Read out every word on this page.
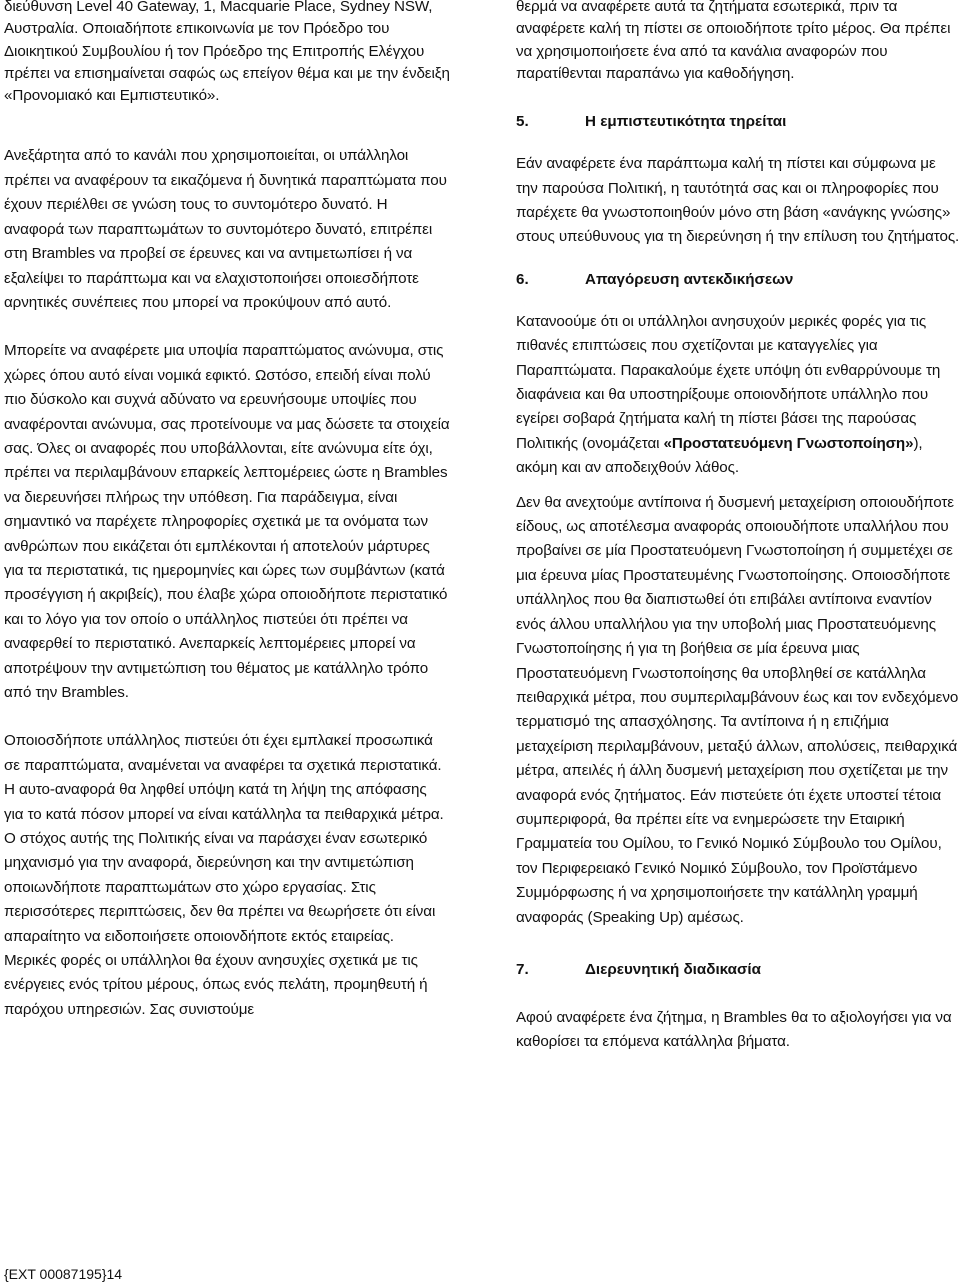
διεύθυνση Level 40 Gateway, 1, Macquarie Place, Sydney NSW, Αυστραλία. Οποιαδήποτε επικοινωνία με τον Πρόεδρο του Διοικητικού Συμβουλίου ή τον Πρόεδρο της Επιτροπής Ελέγχου πρέπει να επισημαίνεται σαφώς ως επείγον θέμα και με την ένδειξη «Προνομιακό και Εμπιστευτικό».

Ανεξάρτητα από το κανάλι που χρησιμοποιείται, οι υπάλληλοι πρέπει να αναφέρουν τα εικαζόμενα ή δυνητικά παραπτώματα που έχουν περιέλθει σε γνώση τους το συντομότερο δυνατό. Η αναφορά των παραπτωμάτων το συντομότερο δυνατό, επιτρέπει στη Brambles να προβεί σε έρευνες και να αντιμετωπίσει ή να εξαλείψει το παράπτωμα και να ελαχιστοποιήσει οποιεσδήποτε αρνητικές συνέπειες που μπορεί να προκύψουν από αυτό.

Μπορείτε να αναφέρετε μια υποψία παραπτώματος ανώνυμα, στις χώρες όπου αυτό είναι νομικά εφικτό. Ωστόσο, επειδή είναι πολύ πιο δύσκολο και συχνά αδύνατο να ερευνήσουμε υποψίες που αναφέρονται ανώνυμα, σας προτείνουμε να μας δώσετε τα στοιχεία σας. Όλες οι αναφορές που υποβάλλονται, είτε ανώνυμα είτε όχι, πρέπει να περιλαμβάνουν επαρκείς λεπτομέρειες ώστε η Brambles να διερευνήσει πλήρως την υπόθεση. Για παράδειγμα, είναι σημαντικό να παρέχετε πληροφορίες σχετικά με τα ονόματα των ανθρώπων που εικάζεται ότι εμπλέκονται ή αποτελούν μάρτυρες για τα περιστατικά, τις ημερομηνίες και ώρες των συμβάντων (κατά προσέγγιση ή ακριβείς), που έλαβε χώρα οποιοδήποτε περιστατικό και το λόγο για τον οποίο ο υπάλληλος πιστεύει ότι πρέπει να αναφερθεί το περιστατικό. Ανεπαρκείς λεπτομέρειες μπορεί να αποτρέψουν την αντιμετώπιση του θέματος με κατάλληλο τρόπο από την Brambles.

Οποιοσδήποτε υπάλληλος πιστεύει ότι έχει εμπλακεί προσωπικά σε παραπτώματα, αναμένεται να αναφέρει τα σχετικά περιστατικά. Η αυτο-αναφορά θα ληφθεί υπόψη κατά τη λήψη της απόφασης για το κατά πόσον μπορεί να είναι κατάλληλα τα πειθαρχικά μέτρα.

Ο στόχος αυτής της Πολιτικής είναι να παράσχει έναν εσωτερικό μηχανισμό για την αναφορά, διερεύνηση και την αντιμετώπιση οποιωνδήποτε παραπτωμάτων στο χώρο εργασίας. Στις περισσότερες περιπτώσεις, δεν θα πρέπει να θεωρήσετε ότι είναι απαραίτητο να ειδοποιήσετε οποιονδήποτε εκτός εταιρείας. Μερικές φορές οι υπάλληλοι θα έχουν ανησυχίες σχετικά με τις ενέργειες ενός τρίτου μέρους, όπως ενός πελάτη, προμηθευτή ή παρόχου υπηρεσιών. Σας συνιστούμε

θερμά να αναφέρετε αυτά τα ζητήματα εσωτερικά, πριν τα αναφέρετε καλή τη πίστει σε οποιοδήποτε τρίτο μέρος. Θα πρέπει να χρησιμοποιήσετε ένα από τα κανάλια αναφορών που παρατίθενται παραπάνω για καθοδήγηση.

5.	Η εμπιστευτικότητα τηρείται

Εάν αναφέρετε ένα παράπτωμα καλή τη πίστει και σύμφωνα με την παρούσα Πολιτική, η ταυτότητά σας και οι πληροφορίες που παρέχετε θα γνωστοποιηθούν μόνο στη βάση «ανάγκης γνώσης» στους υπεύθυνους για τη διερεύνηση ή την επίλυση του ζητήματος.

6.	Απαγόρευση αντεκδικήσεων

Κατανοούμε ότι οι υπάλληλοι ανησυχούν μερικές φορές για τις πιθανές επιπτώσεις που σχετίζονται με καταγγελίες για Παραπτώματα. Παρακαλούμε έχετε υπόψη ότι ενθαρρύνουμε τη διαφάνεια και θα υποστηρίξουμε οποιονδήποτε υπάλληλο που εγείρει σοβαρά ζητήματα καλή τη πίστει βάσει της παρούσας Πολιτικής (ονομάζεται «Προστατευόμενη Γνωστοποίηση»), ακόμη και αν αποδειχθούν λάθος.

Δεν θα ανεχτούμε αντίποινα ή δυσμενή μεταχείριση οποιουδήποτε είδους, ως αποτέλεσμα αναφοράς οποιουδήποτε υπαλλήλου που προβαίνει σε μία Προστατευόμενη Γνωστοποίηση ή συμμετέχει σε μια έρευνα μίας Προστατευμένης Γνωστοποίησης. Οποιοσδήποτε υπάλληλος που θα διαπιστωθεί ότι επιβάλει αντίποινα εναντίον ενός άλλου υπαλλήλου για την υποβολή μιας Προστατευόμενης Γνωστοποίησης ή για τη βοήθεια σε μία έρευνα μιας Προστατευόμενη Γνωστοποίησης θα υποβληθεί σε κατάλληλα πειθαρχικά μέτρα, που συμπεριλαμβάνουν έως και τον ενδεχόμενο τερματισμό της απασχόλησης. Τα αντίποινα ή η επιζήμια μεταχείριση περιλαμβάνουν, μεταξύ άλλων, απολύσεις, πειθαρχικά μέτρα, απειλές ή άλλη δυσμενή μεταχείριση που σχετίζεται με την αναφορά ενός ζητήματος. Εάν πιστεύετε ότι έχετε υποστεί τέτοια συμπεριφορά, θα πρέπει είτε να ενημερώσετε την Εταιρική Γραμματεία του Ομίλου, το Γενικό Νομικό Σύμβουλο του Ομίλου, τον Περιφερειακό Γενικό Νομικό Σύμβουλο, τον Προϊστάμενο Συμμόρφωσης ή να χρησιμοποιήσετε την κατάλληλη γραμμή αναφοράς (Speaking Up) αμέσως.

7.	Διερευνητική διαδικασία

Αφού αναφέρετε ένα ζήτημα, η Brambles θα το αξιολογήσει για να καθορίσει τα επόμενα κατάλληλα βήματα.

{EXT 00087195}14
